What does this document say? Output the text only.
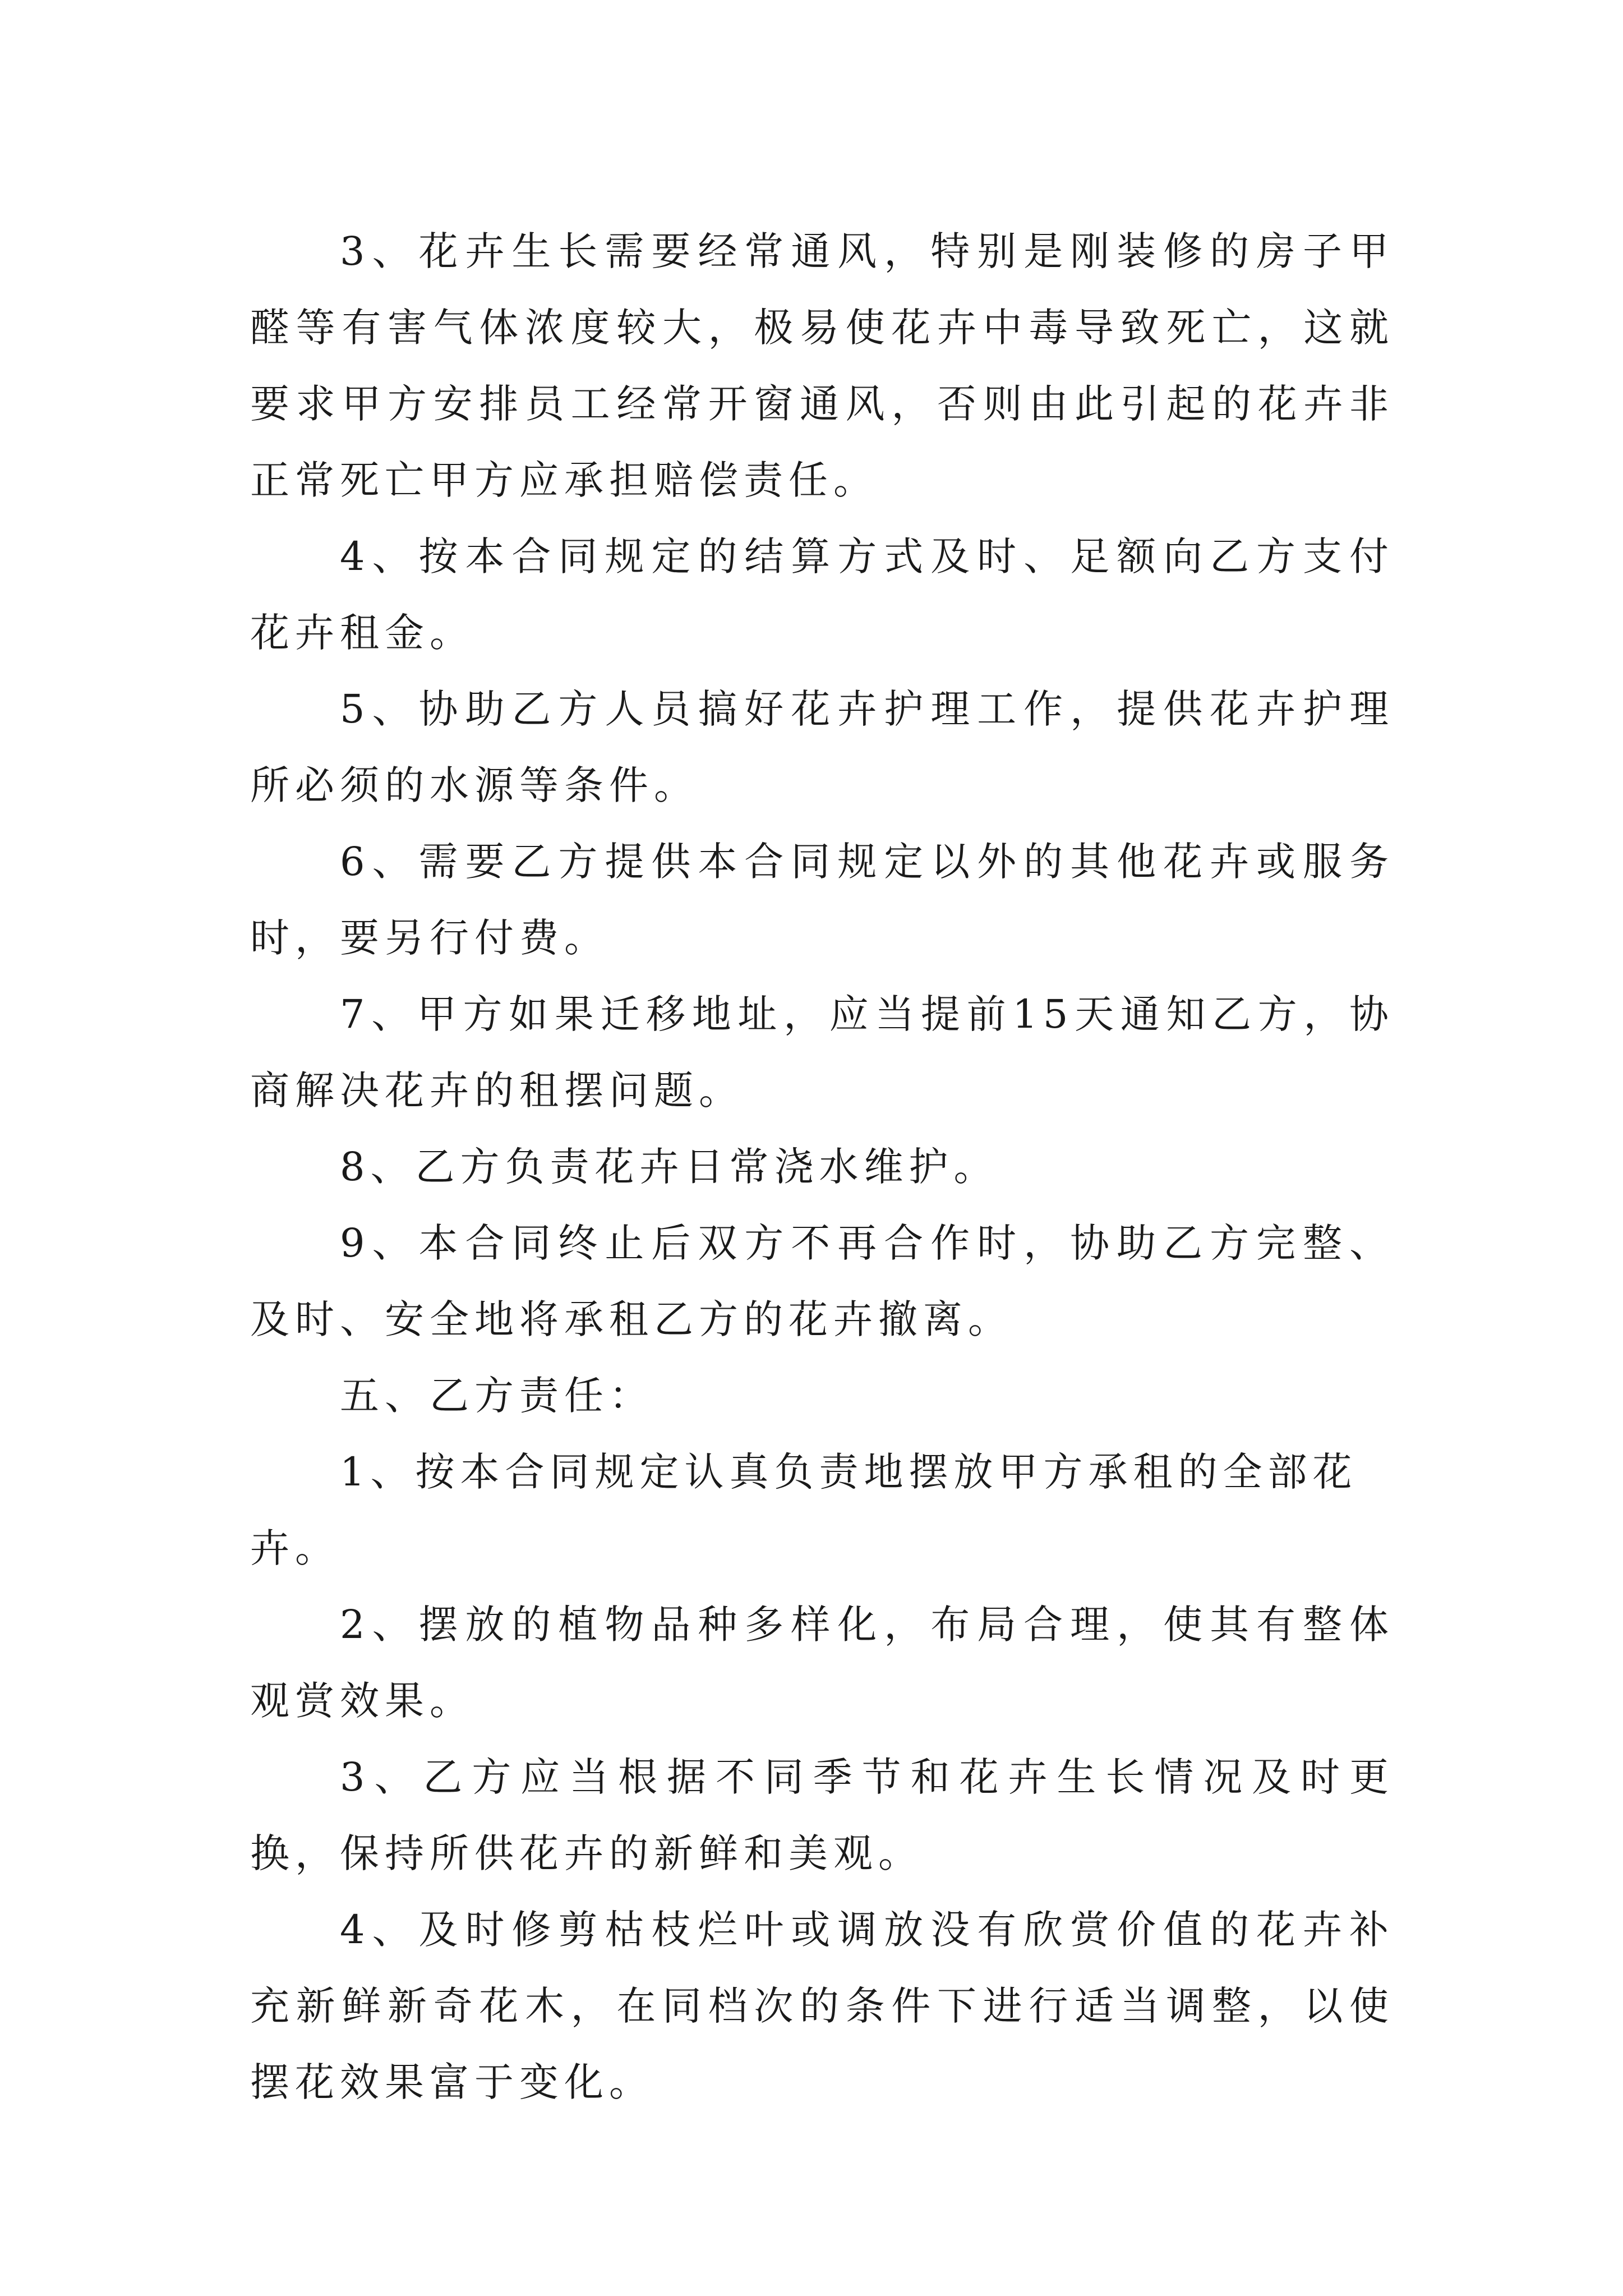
3、花卉生长需要经常通风，特别是刚装修的房子甲醛等有害气体浓度较大，极易使花卉中毒导致死亡，这就要求甲方安排员工经常开窗通风，否则由此引起的花卉非正常死亡甲方应承担赔偿责任。

4、按本合同规定的结算方式及时、足额向乙方支付花卉租金。

5、协助乙方人员搞好花卉护理工作，提供花卉护理所必须的水源等条件。

6、需要乙方提供本合同规定以外的其他花卉或服务时，要另行付费。

7、甲方如果迁移地址，应当提前15天通知乙方，协商解决花卉的租摆问题。

8、乙方负责花卉日常浇水维护。

9、本合同终止后双方不再合作时，协助乙方完整、及时、安全地将承租乙方的花卉撤离。

五、乙方责任：

1、按本合同规定认真负责地摆放甲方承租的全部花卉。

2、摆放的植物品种多样化，布局合理，使其有整体观赏效果。

3、乙方应当根据不同季节和花卉生长情况及时更换，保持所供花卉的新鲜和美观。

4、及时修剪枯枝烂叶或调放没有欣赏价值的花卉补充新鲜新奇花木，在同档次的条件下进行适当调整，以使摆花效果富于变化。
